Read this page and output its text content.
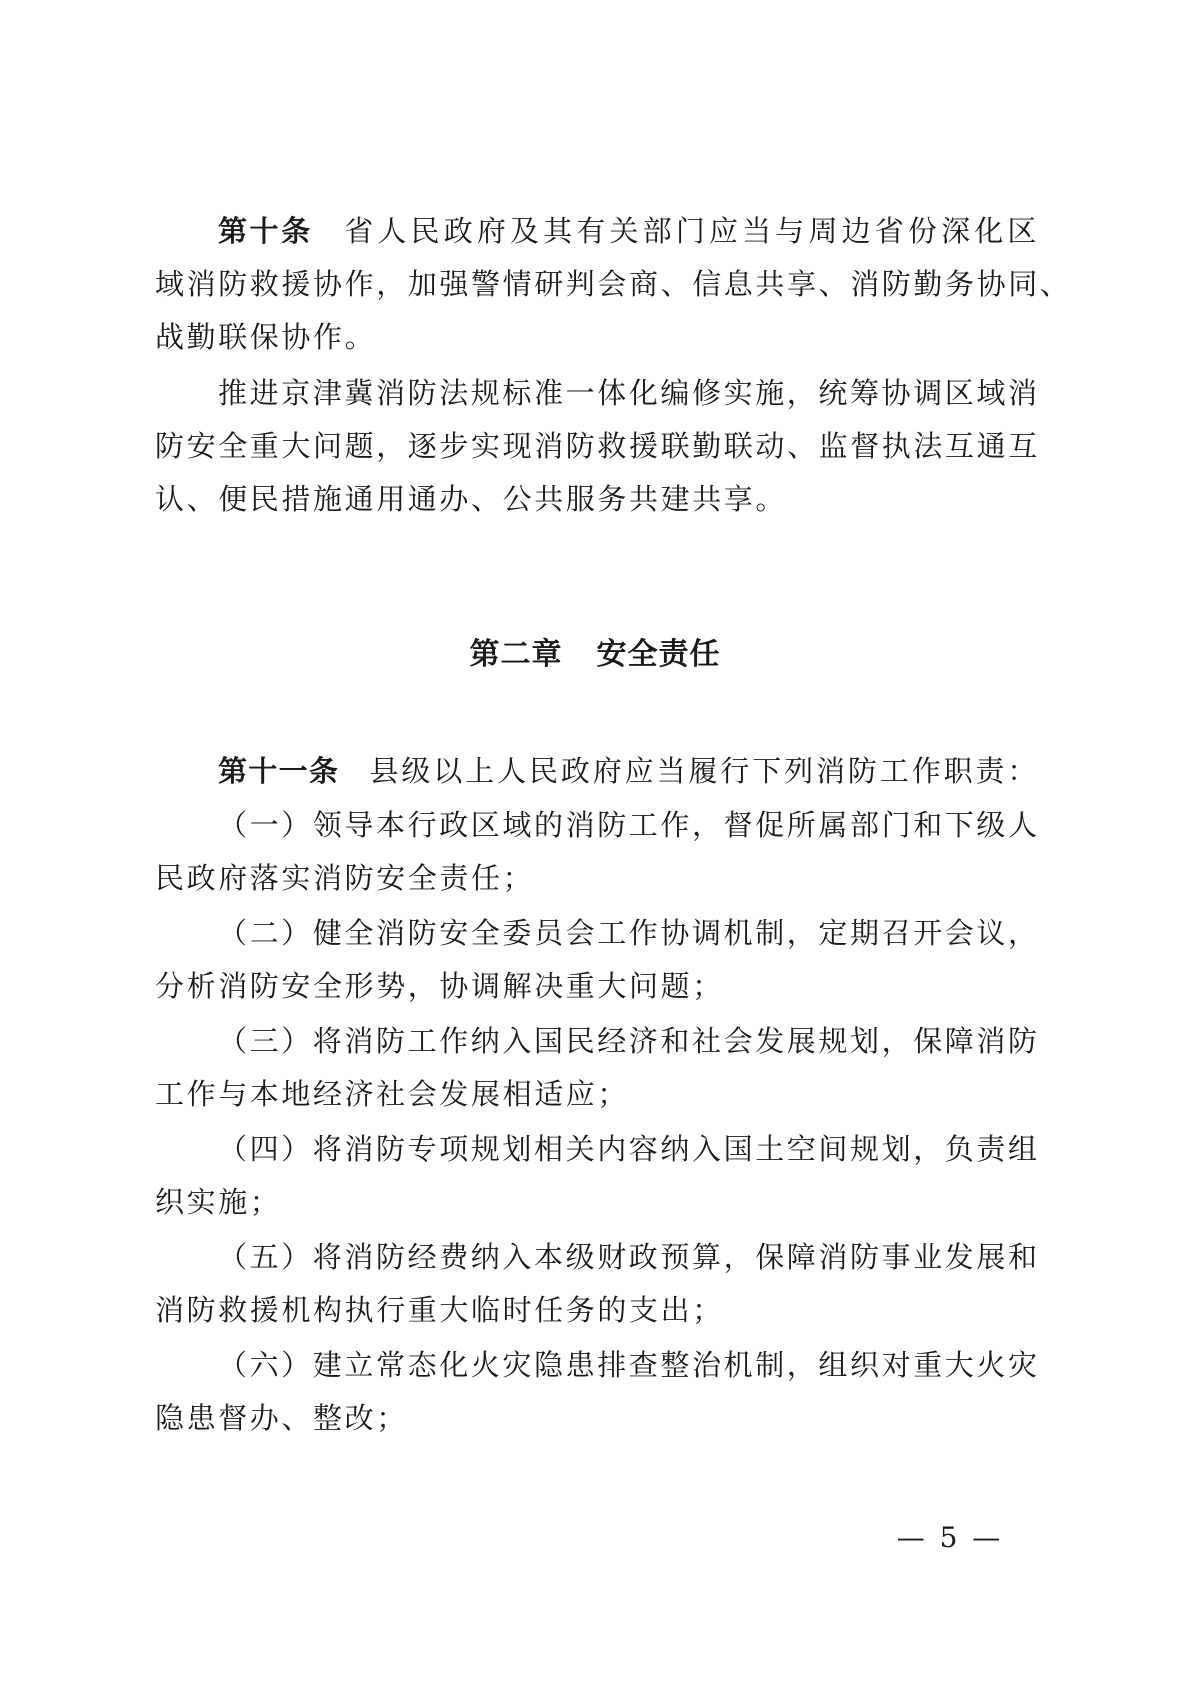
第十条 省人民政府及其有关部门应当与周边省份深化区
域消防救援协作，加强警情研判会商、信息共享、消防勤务协同、
战勤联保协作。
推进京津冀消防法规标准一体化编修实施，统筹协调区域消
防安全重大问题，逐步实现消防救援联勤联动、监督执法互通互
认、便民措施通用通办、公共服务共建共享。
第二章 安全责任
第十一条 县级以上人民政府应当履行下列消防工作职责：
（一）领导本行政区域的消防工作，督促所属部门和下级人
民政府落实消防安全责任；
（二）健全消防安全委员会工作协调机制，定期召开会议，
分析消防安全形势，协调解决重大问题；
（三）将消防工作纳入国民经济和社会发展规划，保障消防
工作与本地经济社会发展相适应；
（四）将消防专项规划相关内容纳入国土空间规划，负责组
织实施；
（五）将消防经费纳入本级财政预算，保障消防事业发展和
消防救援机构执行重大临时任务的支出；
（六）建立常态化火灾隐患排查整治机制，组织对重大火灾
隐患督办、整改；
— 5 —
